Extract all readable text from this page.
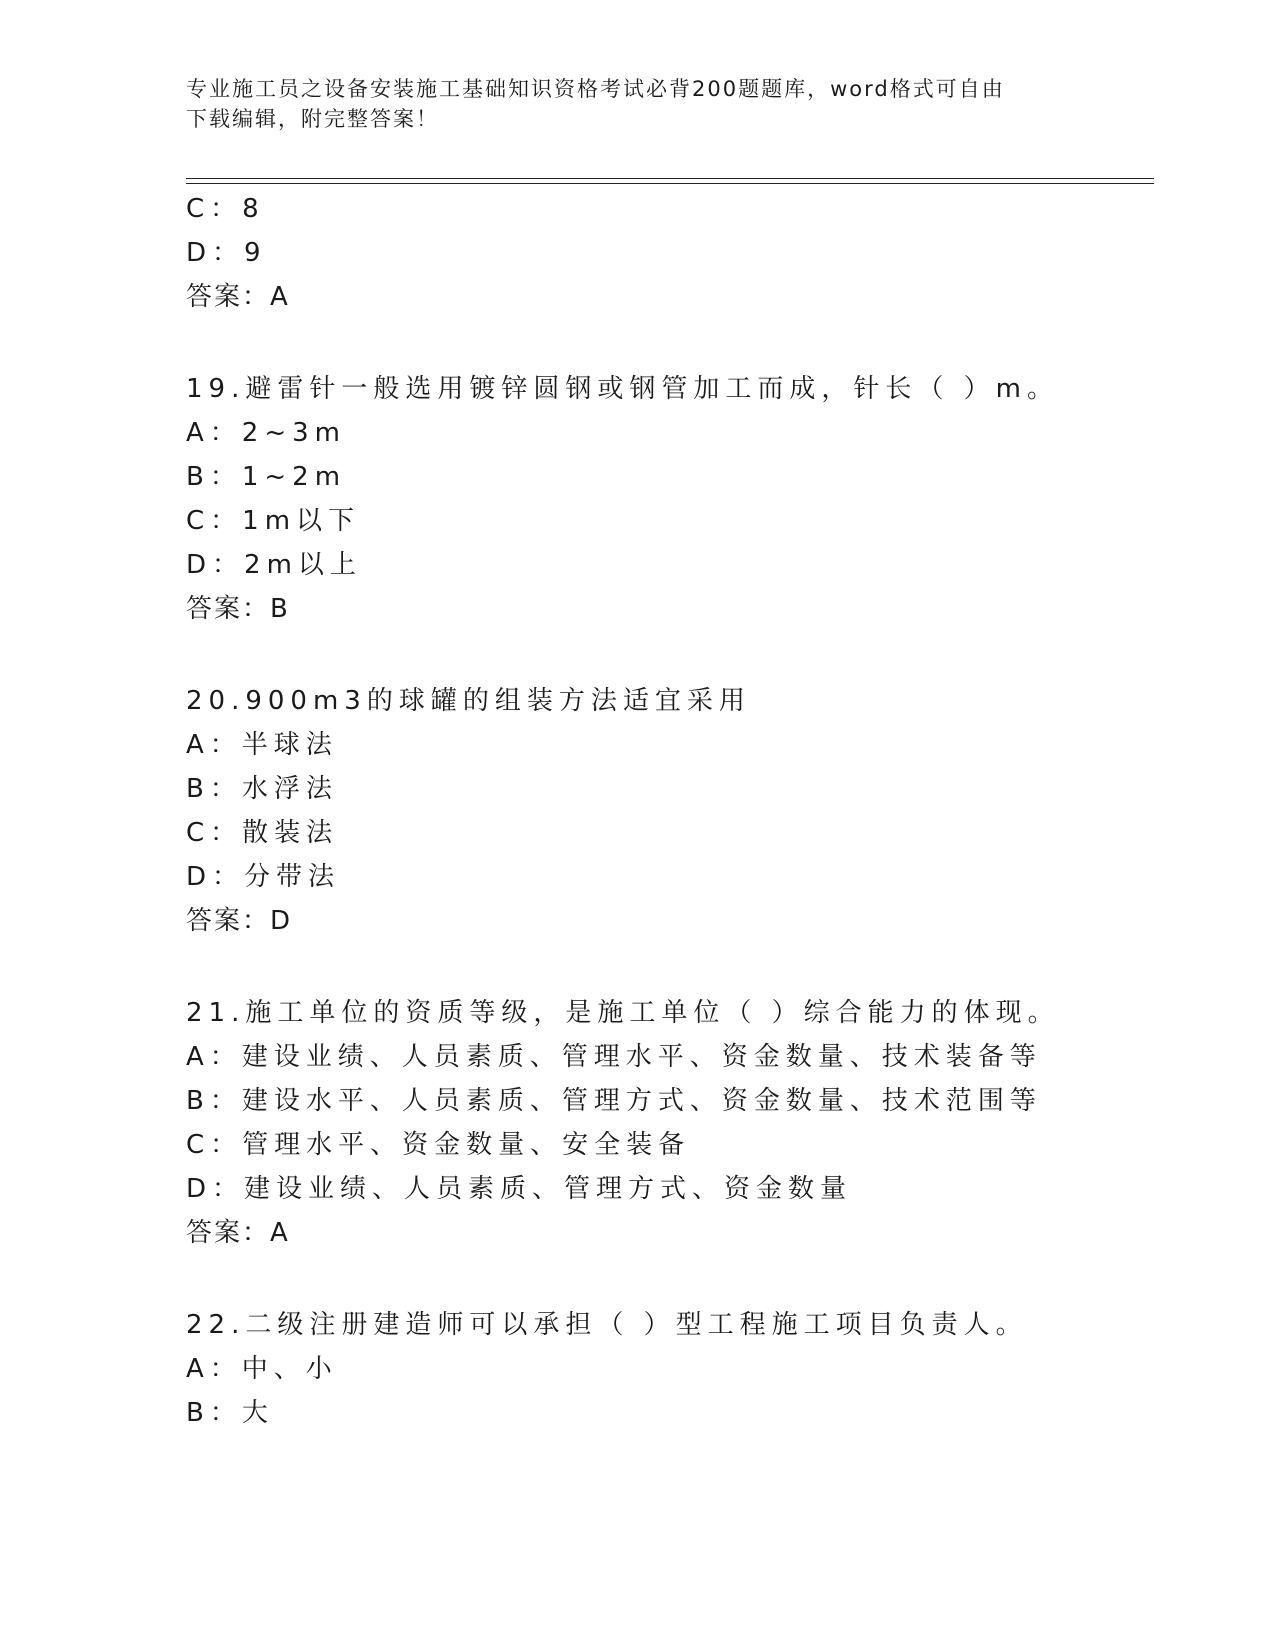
专业施工员之设备安装施工基础知识资格考试必背200题题库，word格式可自由

下载编辑，附完整答案！

C：8

D：9

答案：A

19.避雷针一般选用镀锌圆钢或钢管加工而成，针长（ ）m。

A：2~3m

B：1~2m

C：1m以下

D：2m以上

答案：B

20.900m3的球罐的组装方法适宜采用

A：半球法

B：水浮法

C：散装法

D：分带法

答案：D

21.施工单位的资质等级，是施工单位（ ）综合能力的体现。

A：建设业绩、人员素质、管理水平、资金数量、技术装备等

B：建设水平、人员素质、管理方式、资金数量、技术范围等

C：管理水平、资金数量、安全装备

D：建设业绩、人员素质、管理方式、资金数量

答案：A

22.二级注册建造师可以承担（ ）型工程施工项目负责人。

A：中、小

B：大
